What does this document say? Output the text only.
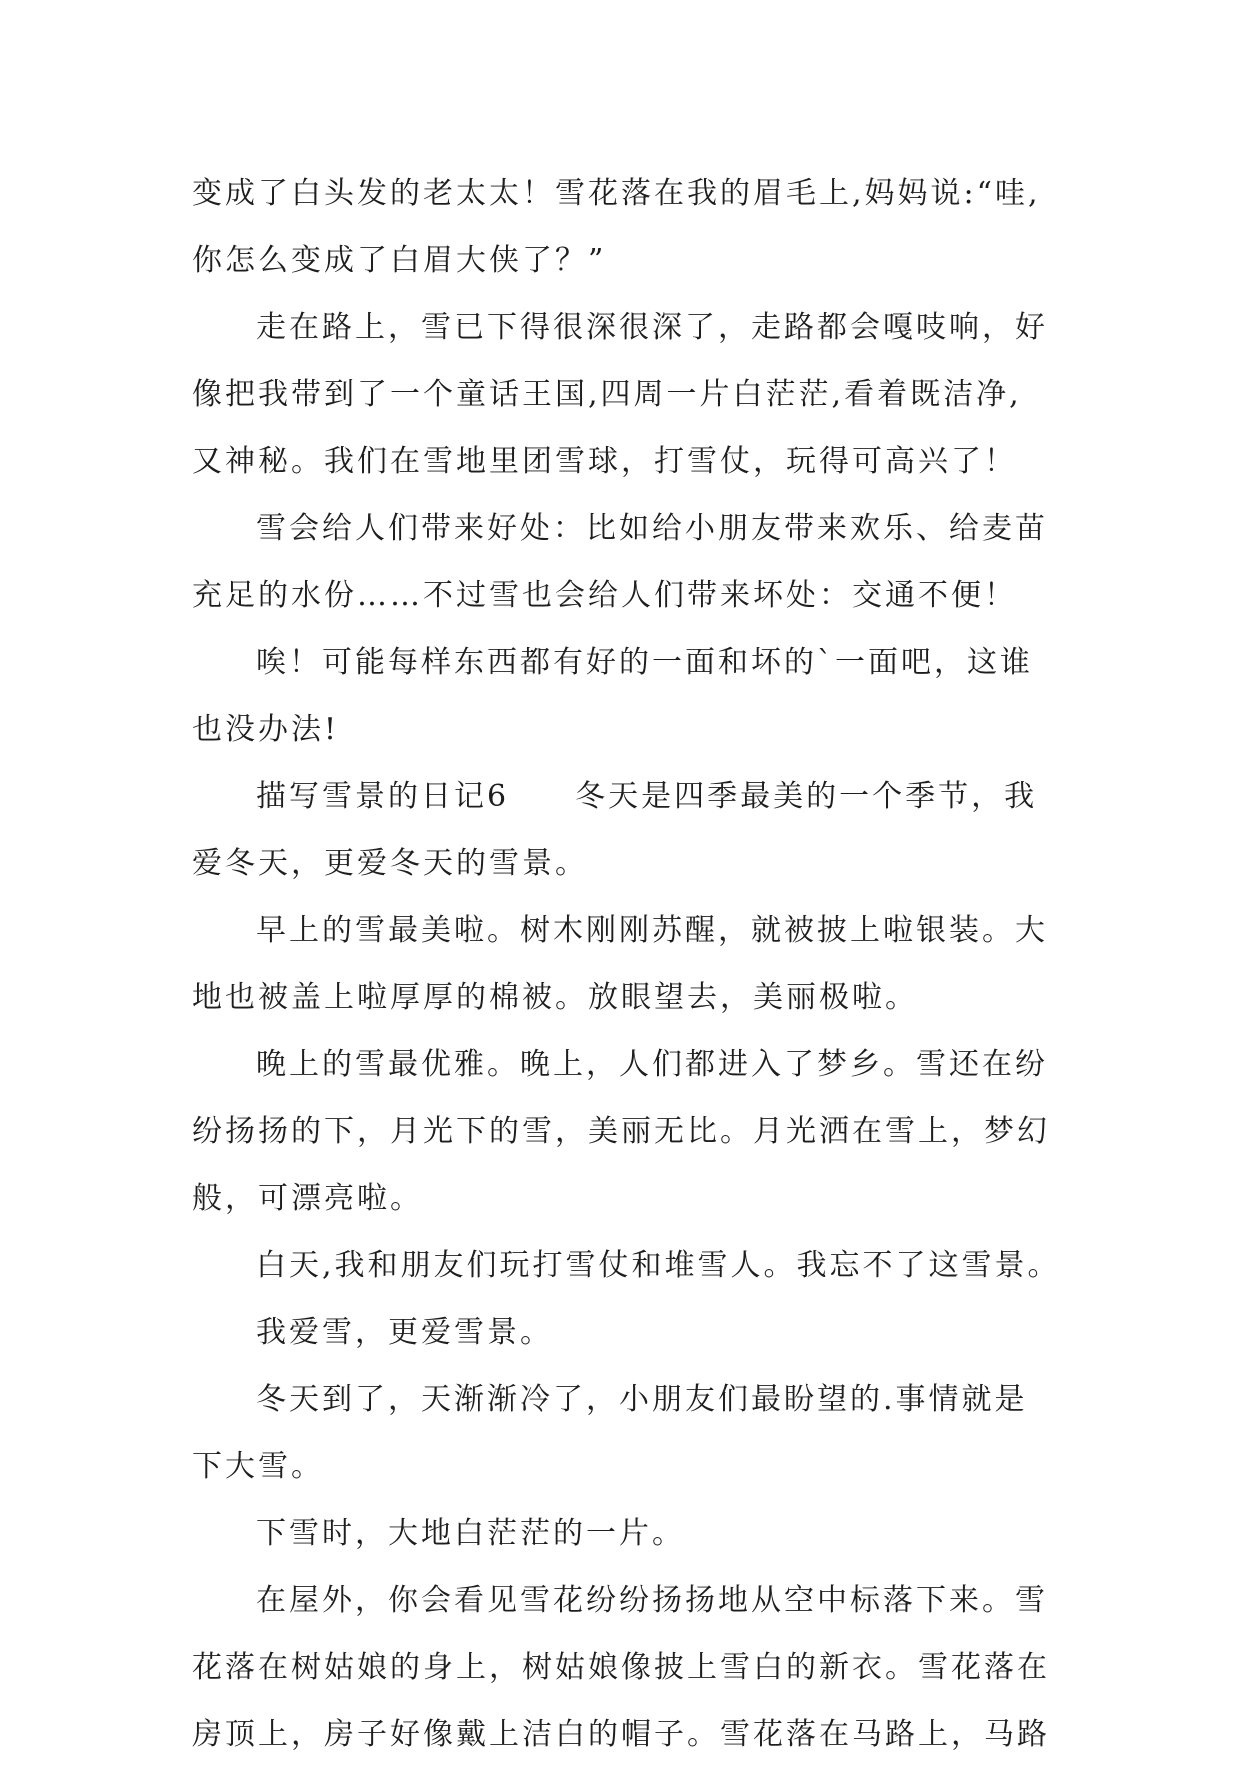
变成了白头发的老太太！雪花落在我的眉毛上,妈妈说:“哇,
你怎么变成了白眉大侠了？”
走在路上，雪已下得很深很深了，走路都会嘎吱响，好
像把我带到了一个童话王国,四周一片白茫茫,看着既洁净,
又神秘。我们在雪地里团雪球，打雪仗，玩得可高兴了！
雪会给人们带来好处：比如给小朋友带来欢乐、给麦苗
充足的水份……不过雪也会给人们带来坏处：交通不便！
唉！可能每样东西都有好的一面和坏的`一面吧，这谁
也没办法!
描写雪景的日记6　　冬天是四季最美的一个季节，我
爱冬天，更爱冬天的雪景。
早上的雪最美啦。树木刚刚苏醒，就被披上啦银装。大
地也被盖上啦厚厚的棉被。放眼望去，美丽极啦。
晚上的雪最优雅。晚上，人们都进入了梦乡。雪还在纷
纷扬扬的下，月光下的雪，美丽无比。月光洒在雪上，梦幻
般，可漂亮啦。
白天,我和朋友们玩打雪仗和堆雪人。我忘不了这雪景。
我爱雪，更爱雪景。
冬天到了，天渐渐冷了，小朋友们最盼望的.事情就是
下大雪。
下雪时，大地白茫茫的一片。
在屋外，你会看见雪花纷纷扬扬地从空中标落下来。雪
花落在树姑娘的身上，树姑娘像披上雪白的新衣。雪花落在
房顶上，房子好像戴上洁白的帽子。雪花落在马路上，马路
